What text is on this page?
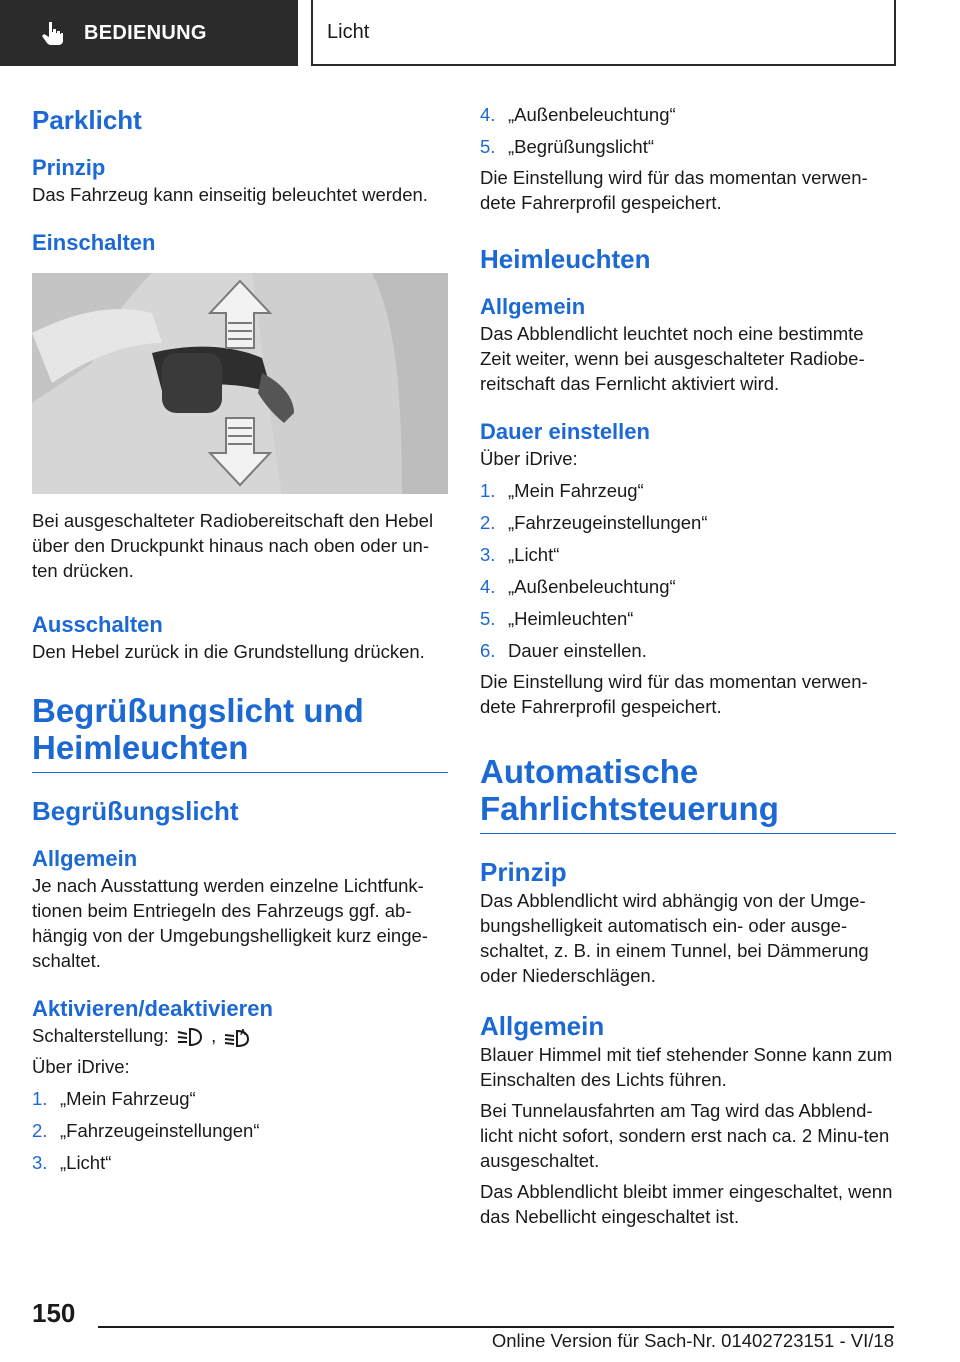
BEDIENUNG	Licht
Parklicht
Prinzip
Das Fahrzeug kann einseitig beleuchtet werden.
Einschalten
Bei ausgeschalteter Radiobereitschaft den Hebel über den Druckpunkt hinaus nach oben oder un-ten drücken.
Ausschalten
Den Hebel zurück in die Grundstellung drücken.
Begrüßungslicht und Heimleuchten
Begrüßungslicht
Allgemein
Je nach Ausstattung werden einzelne Lichtfunk-tionen beim Entriegeln des Fahrzeugs ggf. ab-hängig von der Umgebungshelligkeit kurz einge-schaltet.
Aktivieren/deaktivieren
Schalterstellung: ,	A
Über iDrive:
1. „Mein Fahrzeug“
2. „Fahrzeugeinstellungen“
3. „Licht“
4. „Außenbeleuchtung“
5. „Begrüßungslicht“
Die Einstellung wird für das momentan verwen-dete Fahrerprofil gespeichert.
Heimleuchten
Allgemein
Das Abblendlicht leuchtet noch eine bestimmte Zeit weiter, wenn bei ausgeschalteter Radiobe-reitschaft das Fernlicht aktiviert wird.
Dauer einstellen
Über iDrive:
1. „Mein Fahrzeug“
2. „Fahrzeugeinstellungen“
3. „Licht“
4. „Außenbeleuchtung“
5. „Heimleuchten“
6. Dauer einstellen.
Die Einstellung wird für das momentan verwen-dete Fahrerprofil gespeichert.
Automatische Fahrlichtsteuerung
Prinzip
Das Abblendlicht wird abhängig von der Umge-bungshelligkeit automatisch ein- oder ausge-schaltet, z. B. in einem Tunnel, bei Dämmerung oder Niederschlägen.
Allgemein
Blauer Himmel mit tief stehender Sonne kann zum Einschalten des Lichts führen.
Bei Tunnelausfahrten am Tag wird das Abblend-licht nicht sofort, sondern erst nach ca. 2 Minu-ten ausgeschaltet.
Das Abblendlicht bleibt immer eingeschaltet, wenn das Nebellicht eingeschaltet ist.
150
Online Version für Sach-Nr. 01402723151 - VI/18
